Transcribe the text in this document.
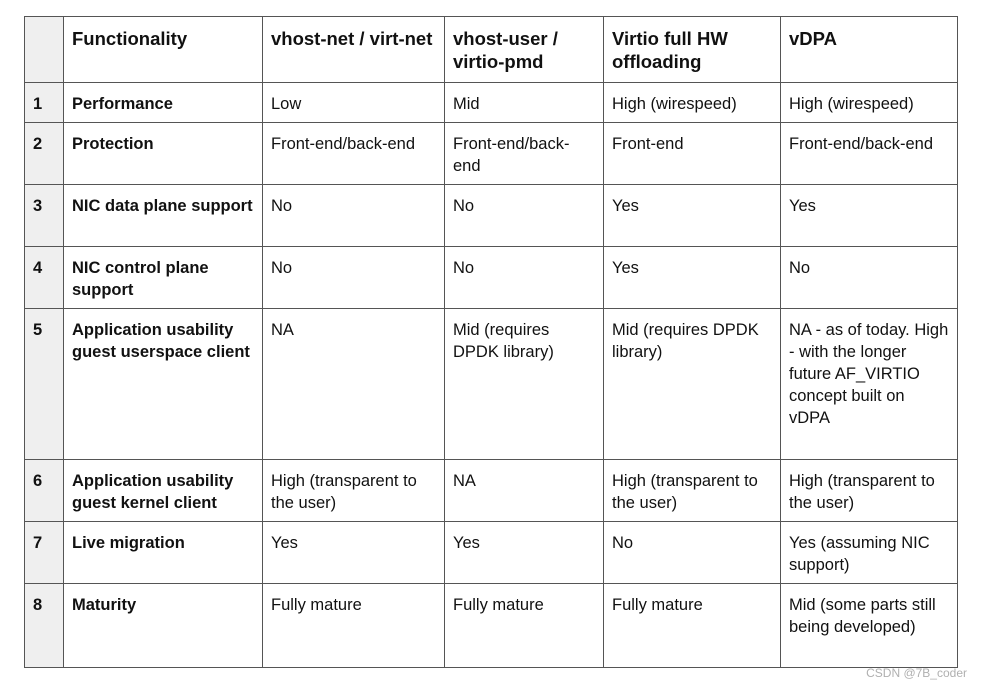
	Functionality	vhost-net / virt-net	vhost-user / virtio-pmd	Virtio full HW offloading	vDPA
1	Performance	Low	Mid	High (wirespeed)	High (wirespeed)
2	Protection	Front-end/back-end	Front-end/back-end	Front-end	Front-end/back-end
3	NIC data plane support	No	No	Yes	Yes
4	NIC control plane support	No	No	Yes	No
5	Application usability guest userspace client	NA	Mid (requires DPDK library)	Mid (requires DPDK library)	NA - as of today. High - with the longer future AF_VIRTIO concept built on vDPA
6	Application usability guest kernel client	High (transparent to the user)	NA	High (transparent to the user)	High (transparent to the user)
7	Live migration	Yes	Yes	No	Yes (assuming NIC support)
8	Maturity	Fully mature	Fully mature	Fully mature	Mid (some parts still being developed)
CSDN @7B_coder
